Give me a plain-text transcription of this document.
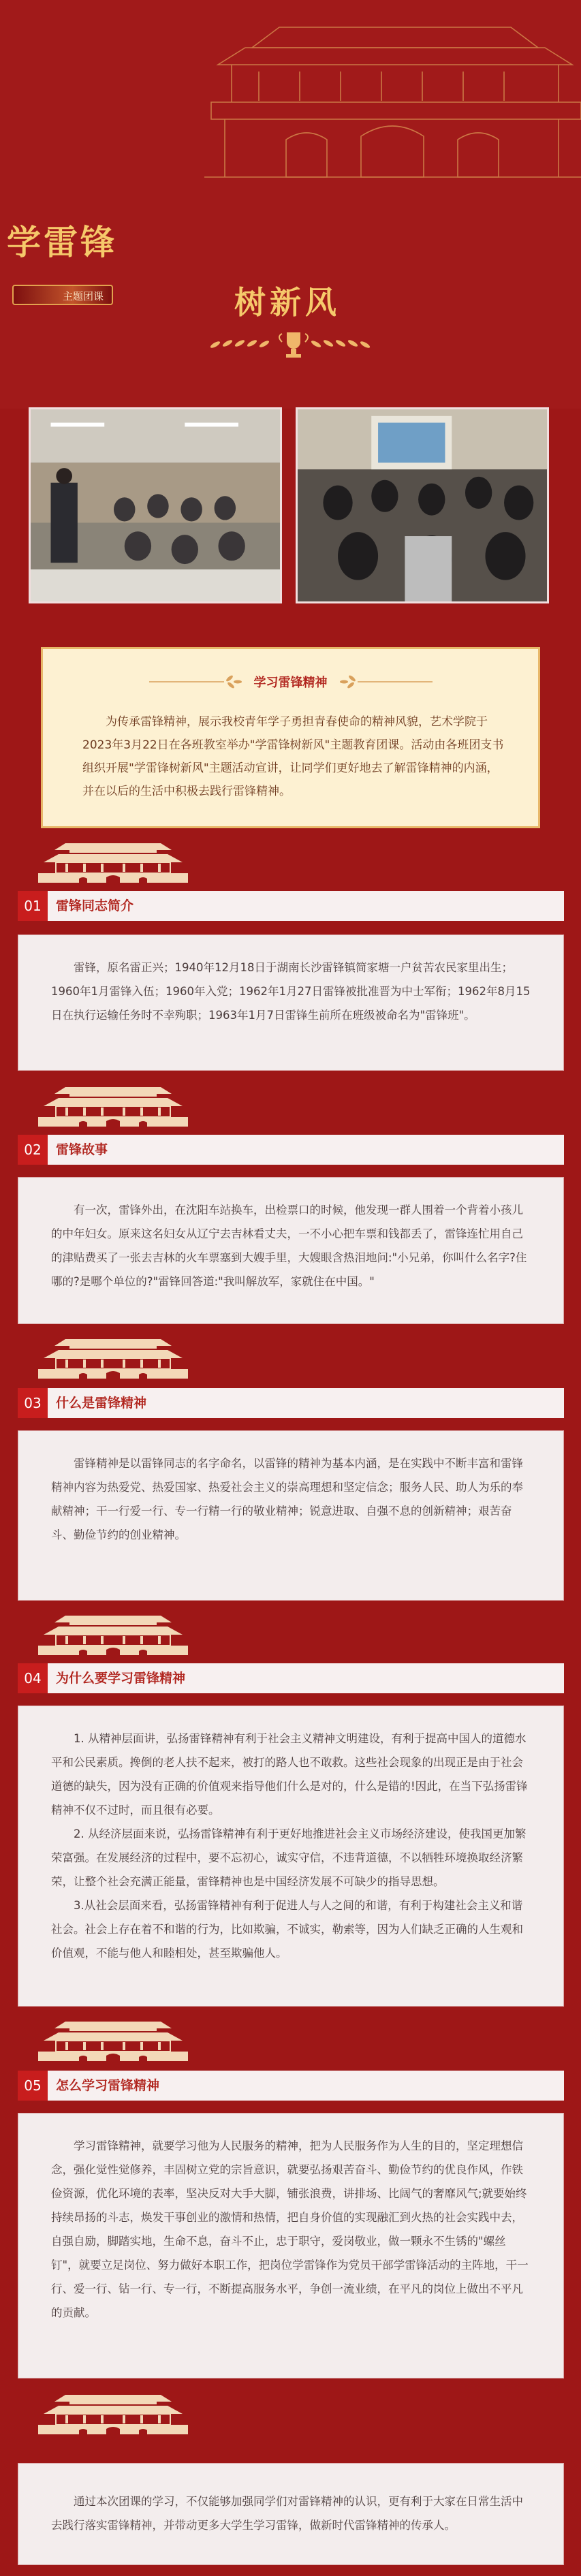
学雷锋
主题团课	树新风
学习雷锋精神
为传承雷锋精神，展示我校青年学子勇担青春使命的精神风貌，艺术学院于2023年3月22日在各班教室举办"学雷锋树新风"主题教育团课。活动由各班团支书组织开展"学雷锋树新风"主题活动宣讲，让同学们更好地去了解雷锋精神的内涵，并在以后的生活中积极去践行雷锋精神。
01	雷锋同志简介

雷锋，原名雷正兴；1940年12月18日于湖南长沙雷锋镇简家塘一户贫苦农民家里出生；1960年1月雷锋入伍；1960年入党；1962年1月27日雷锋被批准晋为中士军衔；1962年8月15日在执行运输任务时不幸殉职；1963年1月7日雷锋生前所在班级被命名为"雷锋班"。

02	雷锋故事

有一次，雷锋外出，在沈阳车站换车，出检票口的时候，他发现一群人围着一个背着小孩儿的中年妇女。原来这名妇女从辽宁去吉林看丈夫，一不小心把车票和钱都丢了，雷锋连忙用自己的津贴费买了一张去吉林的火车票塞到大嫂手里，大嫂眼含热泪地问:"小兄弟，你叫什么名字?住哪的?是哪个单位的?"雷锋回答道:"我叫解放军，家就住在中国。"

03	什么是雷锋精神

雷锋精神是以雷锋同志的名字命名，以雷锋的精神为基本内涵，是在实践中不断丰富和雷锋精神内容为热爱党、热爱国家、热爱社会主义的崇高理想和坚定信念；服务人民、助人为乐的奉献精神；干一行爱一行、专一行精一行的敬业精神；锐意进取、自强不息的创新精神；艰苦奋斗、勤俭节约的创业精神。

04	为什么要学习雷锋精神

1. 从精神层面讲，弘扬雷锋精神有利于社会主义精神文明建设，有利于提高中国人的道德水平和公民素质。搀倒的老人扶不起来，被打的路人也不敢救。这些社会现象的出现正是由于社会道德的缺失，因为没有正确的价值观来指导他们什么是对的，什么是错的!因此，在当下弘扬雷锋精神不仅不过时，而且很有必要。

2. 从经济层面来说，弘扬雷锋精神有利于更好地推进社会主义市场经济建设，使我国更加繁荣富强。在发展经济的过程中，要不忘初心，诚实守信，不违背道德，不以牺牲环境换取经济繁荣，让整个社会充满正能量，雷锋精神也是中国经济发展不可缺少的指导思想。

3.从社会层面来看，弘扬雷锋精神有利于促进人与人之间的和谐，有利于构建社会主义和谐社会。社会上存在着不和谐的行为，比如欺骗，不诚实，勒索等，因为人们缺乏正确的人生观和价值观，不能与他人和睦相处，甚至欺骗他人。

05	怎么学习雷锋精神

学习雷锋精神，就要学习他为人民服务的精神，把为人民服务作为人生的目的，坚定理想信念，强化觉性觉修养，丰固树立党的宗旨意识，就要弘扬艰苦奋斗、勤俭节约的优良作风，作铁俭资源，优化环境的表率，坚决反对大手大脚，铺张浪费，讲排场、比阔气的奢靡风气;就要始终持续昂扬的斗志，焕发干事创业的激情和热情，把自身价值的实现融汇到火热的社会实践中去，自强自励，脚踏实地，生命不息，奋斗不止，忠于职守，爱岗敬业，做一颗永不生锈的"螺丝钉"，就要立足岗位、努力做好本职工作，把岗位学雷锋作为党员干部学雷锋活动的主阵地，干一行、爱一行、钻一行、专一行，不断提高服务水平，争创一流业绩，在平凡的岗位上做出不平凡的贡献。

通过本次团课的学习，不仅能够加强同学们对雷锋精神的认识，更有利于大家在日常生活中去践行落实雷锋精神，并带动更多大学生学习雷锋，做新时代雷锋精神的传承人。
